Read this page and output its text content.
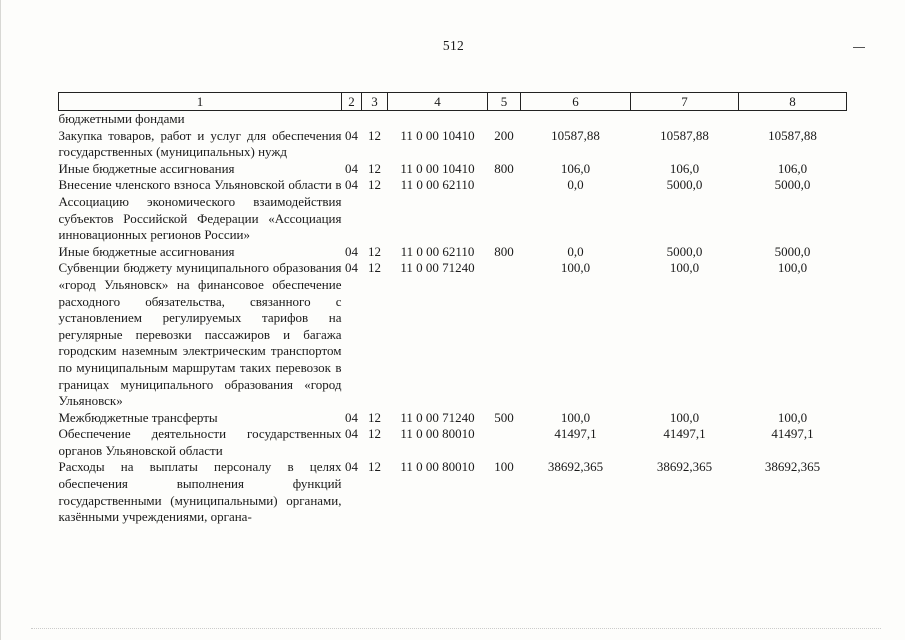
512
1	2	3	4	5	6	7	8
бюджетными фондами							
Закупка товаров, работ и услуг для обеспечения государственных (муниципальных) нужд	04	12	11 0 00 10410	200	10587,88	10587,88	10587,88
Иные бюджетные ассигнования	04	12	11 0 00 10410	800	106,0	106,0	106,0
Внесение членского взноса Ульяновской области в Ассоциацию экономического взаимодействия субъектов Российской Федерации «Ассоциация инновационных регионов России»	04	12	11 0 00 62110		0,0	5000,0	5000,0
Иные бюджетные ассигнования	04	12	11 0 00 62110	800	0,0	5000,0	5000,0
Субвенции бюджету муниципального образования «город Ульяновск» на финансовое обеспечение расходного обязательства, связанного с установлением регулируемых тарифов на регулярные перевозки пассажиров и багажа городским наземным электрическим транспортом по муниципальным маршрутам таких перевозок в границах муниципального образования «город Ульяновск»	04	12	11 0 00 71240		100,0	100,0	100,0
Межбюджетные трансферты	04	12	11 0 00 71240	500	100,0	100,0	100,0
Обеспечение деятельности государственных органов Ульяновской области	04	12	11 0 00 80010		41497,1	41497,1	41497,1
Расходы на выплаты персоналу в целях обеспечения выполнения функций государственными (муниципальными) органами, казёнными учреждениями, органа-	04	12	11 0 00 80010	100	38692,365	38692,365	38692,365
